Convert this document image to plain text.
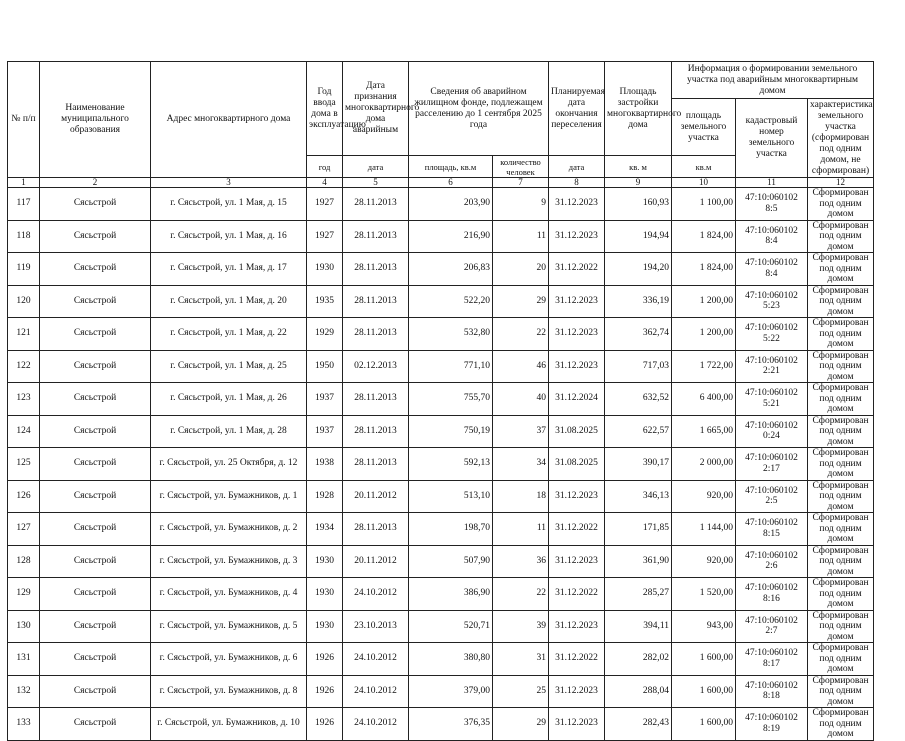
№ п/п	Наименование муниципального образования	Адрес многоквартирного дома	Год ввода дома в эксплуатацию	Дата признания многоквартирного дома аварийным	Сведения об аварийном жилищном фонде, подлежащем расселению до 1 сентября 2025 года		Планируемая дата окончания переселения	Площадь застройки многоквартирного дома	Информация о формировании земельного участка под аварийным многоквартирным домом		
									площадь земельного участка	кадастровый номер земельного участка	характеристика земельного участка (сформирован под одним домом, не сформирован)
			год	дата	площадь, кв.м	количество человек	дата	кв. м	кв.м		
1	2	3	4	5	6	7	8	9	10	11	12
117	Сясьстрой	г. Сясьстрой, ул. 1 Мая, д. 15	1927	28.11.2013	203,90	9	31.12.2023	160,93	1 100,00	47:10:060102 8:5	Сформирован под одним домом
118	Сясьстрой	г. Сясьстрой, ул. 1 Мая, д. 16	1927	28.11.2013	216,90	11	31.12.2023	194,94	1 824,00	47:10:060102 8:4	Сформирован под одним домом
119	Сясьстрой	г. Сясьстрой, ул. 1 Мая, д. 17	1930	28.11.2013	206,83	20	31.12.2022	194,20	1 824,00	47:10:060102 8:4	Сформирован под одним домом
120	Сясьстрой	г. Сясьстрой, ул. 1 Мая, д. 20	1935	28.11.2013	522,20	29	31.12.2023	336,19	1 200,00	47:10:060102 5:23	Сформирован под одним домом
121	Сясьстрой	г. Сясьстрой, ул. 1 Мая, д. 22	1929	28.11.2013	532,80	22	31.12.2023	362,74	1 200,00	47:10:060102 5:22	Сформирован под одним домом
122	Сясьстрой	г. Сясьстрой, ул. 1 Мая, д. 25	1950	02.12.2013	771,10	46	31.12.2023	717,03	1 722,00	47:10:060102 2:21	Сформирован под одним домом
123	Сясьстрой	г. Сясьстрой, ул. 1 Мая, д. 26	1937	28.11.2013	755,70	40	31.12.2024	632,52	6 400,00	47:10:060102 5:21	Сформирован под одним домом
124	Сясьстрой	г. Сясьстрой, ул. 1 Мая, д. 28	1937	28.11.2013	750,19	37	31.08.2025	622,57	1 665,00	47:10:060102 0:24	Сформирован под одним домом
125	Сясьстрой	г. Сясьстрой, ул. 25 Октября, д. 12	1938	28.11.2013	592,13	34	31.08.2025	390,17	2 000,00	47:10:060102 2:17	Сформирован под одним домом
126	Сясьстрой	г. Сясьстрой, ул. Бумажников, д. 1	1928	20.11.2012	513,10	18	31.12.2023	346,13	920,00	47:10:060102 2:5	Сформирован под одним домом
127	Сясьстрой	г. Сясьстрой, ул. Бумажников, д. 2	1934	28.11.2013	198,70	11	31.12.2022	171,85	1 144,00	47:10:060102 8:15	Сформирован под одним домом
128	Сясьстрой	г. Сясьстрой, ул. Бумажников, д. 3	1930	20.11.2012	507,90	36	31.12.2023	361,90	920,00	47:10:060102 2:6	Сформирован под одним домом
129	Сясьстрой	г. Сясьстрой, ул. Бумажников, д. 4	1930	24.10.2012	386,90	22	31.12.2022	285,27	1 520,00	47:10:060102 8:16	Сформирован под одним домом
130	Сясьстрой	г. Сясьстрой, ул. Бумажников, д. 5	1930	23.10.2013	520,71	39	31.12.2023	394,11	943,00	47:10:060102 2:7	Сформирован под одним домом
131	Сясьстрой	г. Сясьстрой, ул. Бумажников, д. 6	1926	24.10.2012	380,80	31	31.12.2022	282,02	1 600,00	47:10:060102 8:17	Сформирован под одним домом
132	Сясьстрой	г. Сясьстрой, ул. Бумажников, д. 8	1926	24.10.2012	379,00	25	31.12.2023	288,04	1 600,00	47:10:060102 8:18	Сформирован под одним домом
133	Сясьстрой	г. Сясьстрой, ул. Бумажников, д. 10	1926	24.10.2012	376,35	29	31.12.2023	282,43	1 600,00	47:10:060102 8:19	Сформирован под одним домом
